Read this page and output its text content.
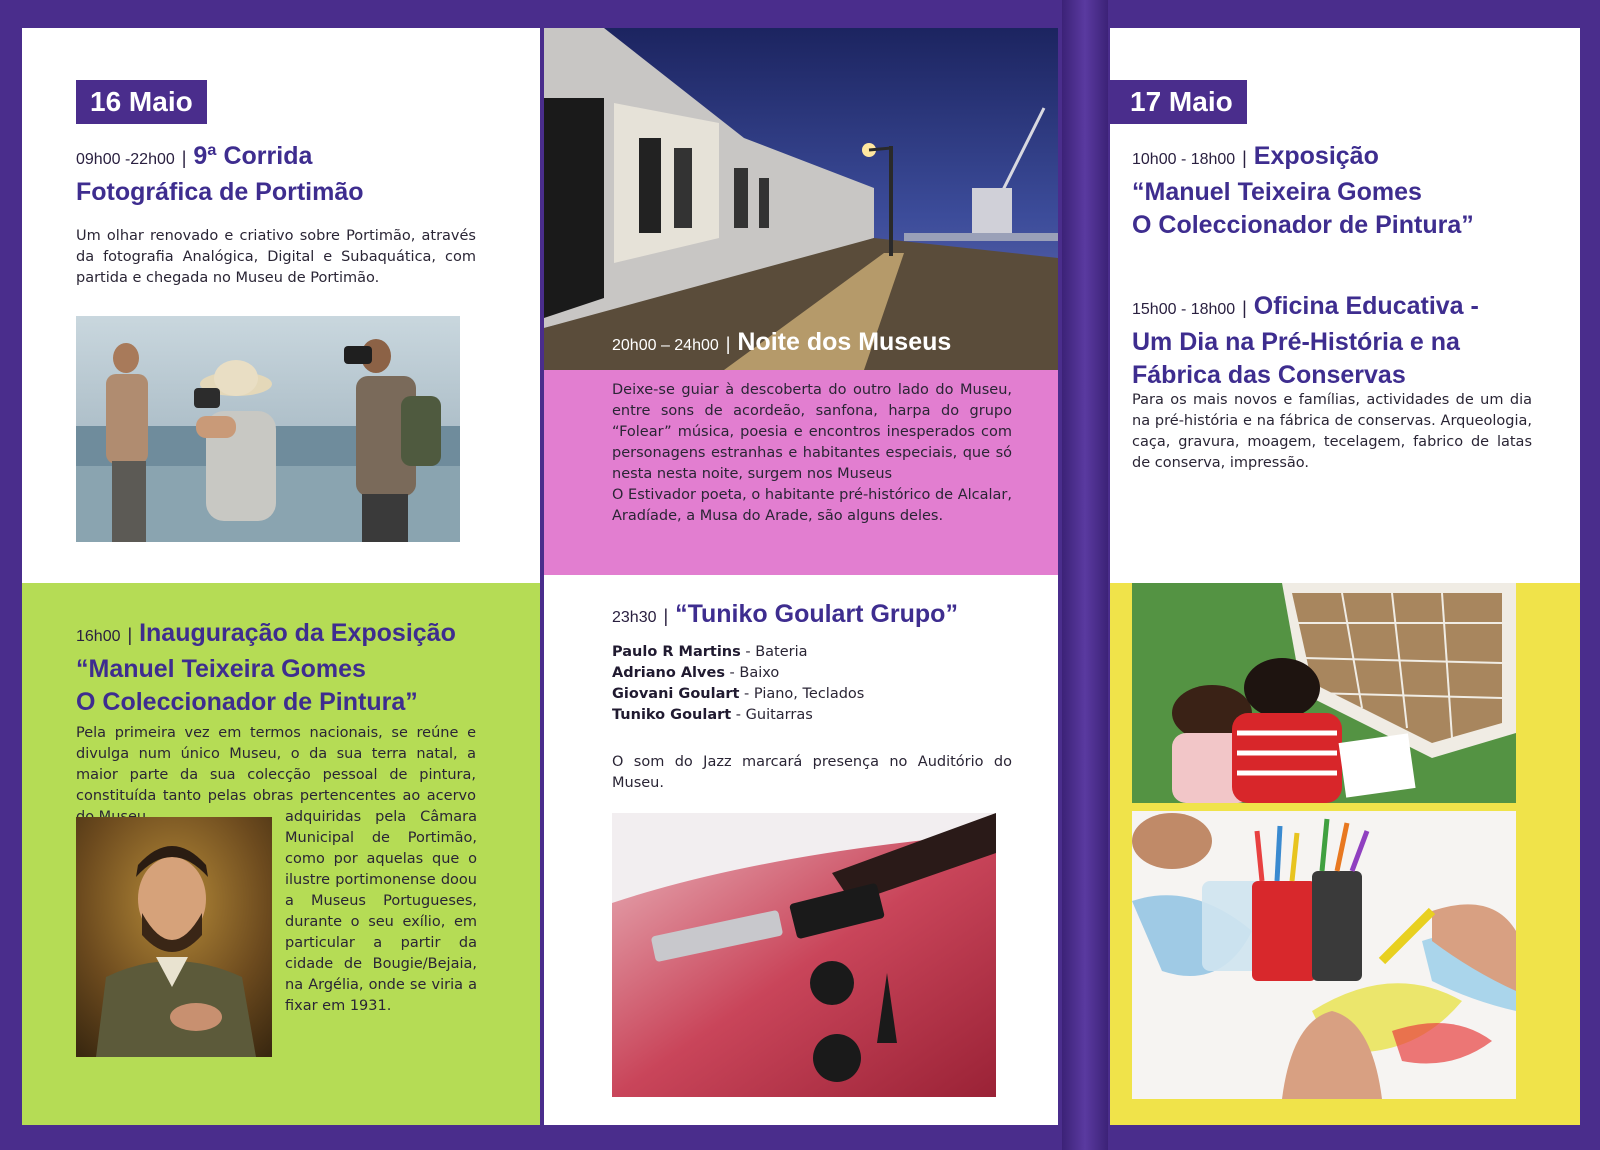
16 Maio
09h00 -22h00 | 9ª Corrida
Fotográfica de Portimão
Um olhar renovado e criativo sobre Portimão, através da fotografia Analógica, Digital e Subaquática, com partida e chegada no Museu de Portimão.
16h00 | Inauguração da Exposição
“Manuel Teixeira Gomes
O Coleccionador de Pintura”
Pela primeira vez em termos nacionais, se reúne e divulga num único Museu, o da sua terra natal, a maior parte da sua colecção pessoal de pintura, constituída tanto pelas obras pertencentes ao acervo
adquiridas pela Câmara Municipal de Portimão, como por aquelas que o ilustre portimonense doou a Museus Portugueses, durante o seu exílio, em particular a partir da cidade de Bougie/Bejaia, na Argélia, onde se viria a fixar em 1931.
20h00 – 24h00 | Noite dos Museus
Deixe-se guiar à descoberta do outro lado do Museu, entre sons de acordeão, sanfona, harpa do grupo “Folear” música, poesia e encontros inesperados com personagens estranhas e habitantes especiais, que só nesta nesta noite, surgem nos Museus
O Estivador poeta, o habitante pré-histórico de Alcalar, Aradíade, a Musa do Arade, são alguns deles.
23h30 | “Tuniko Goulart Grupo”
Paulo R Martins - Bateria
Adriano Alves - Baixo
Giovani Goulart - Piano, Teclados
Tuniko Goulart - Guitarras
O som do Jazz marcará presença no Auditório do Museu.
17 Maio
10h00 - 18h00 | Exposição
“Manuel Teixeira Gomes
O Coleccionador de Pintura”
15h00 - 18h00 | Oficina Educativa -
Um Dia na Pré-História e na
Fábrica das Conservas
Para os mais novos e famílias, actividades de um dia na pré-história e na fábrica de conservas. Arqueologia, caça, gravura, moagem, tecelagem, fabrico de latas de conserva, impressão.
